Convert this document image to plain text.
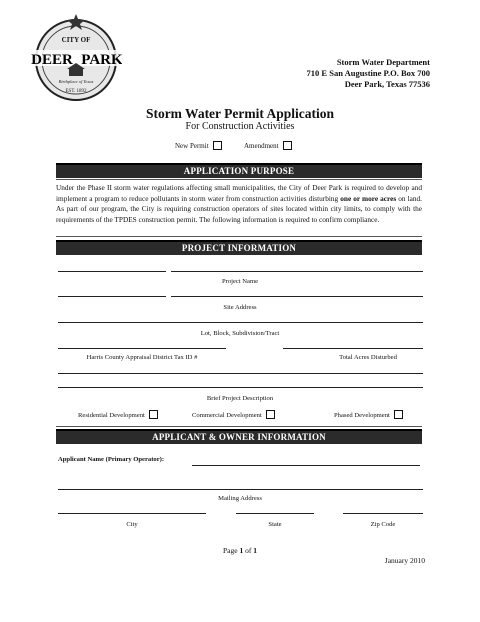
CITY OF
DEER PARK
Birthplace of Texas
EST. 1892
Storm Water Department
710 E San Augustine P.O. Box 700
Deer Park, Texas 77536
Storm Water Permit Application
For Construction Activities
New Permit	Amendment
APPLICATION PURPOSE
Under the Phase II storm water regulations affecting small municipalities, the City of Deer Park is required to develop and implement a program to reduce pollutants in storm water from construction activities disturbing one or more acres on land. As part of our program, the City is requiring construction operators of sites located within city limits, to comply with the requirements of the TPDES construction permit. The following information is required to confirm compliance.
PROJECT INFORMATION
Project Name
Site Address
Lot, Block, Subdivision/Tract
Harris County Appraisal District Tax ID #	Total Acres Disturbed
Brief Project Description
Residential Development	Commercial Development	Phased Development
APPLICANT & OWNER INFORMATION
Applicant Name (Primary Operator):
Mailing Address
City	State	Zip Code
Page 1 of 1
January 2010
